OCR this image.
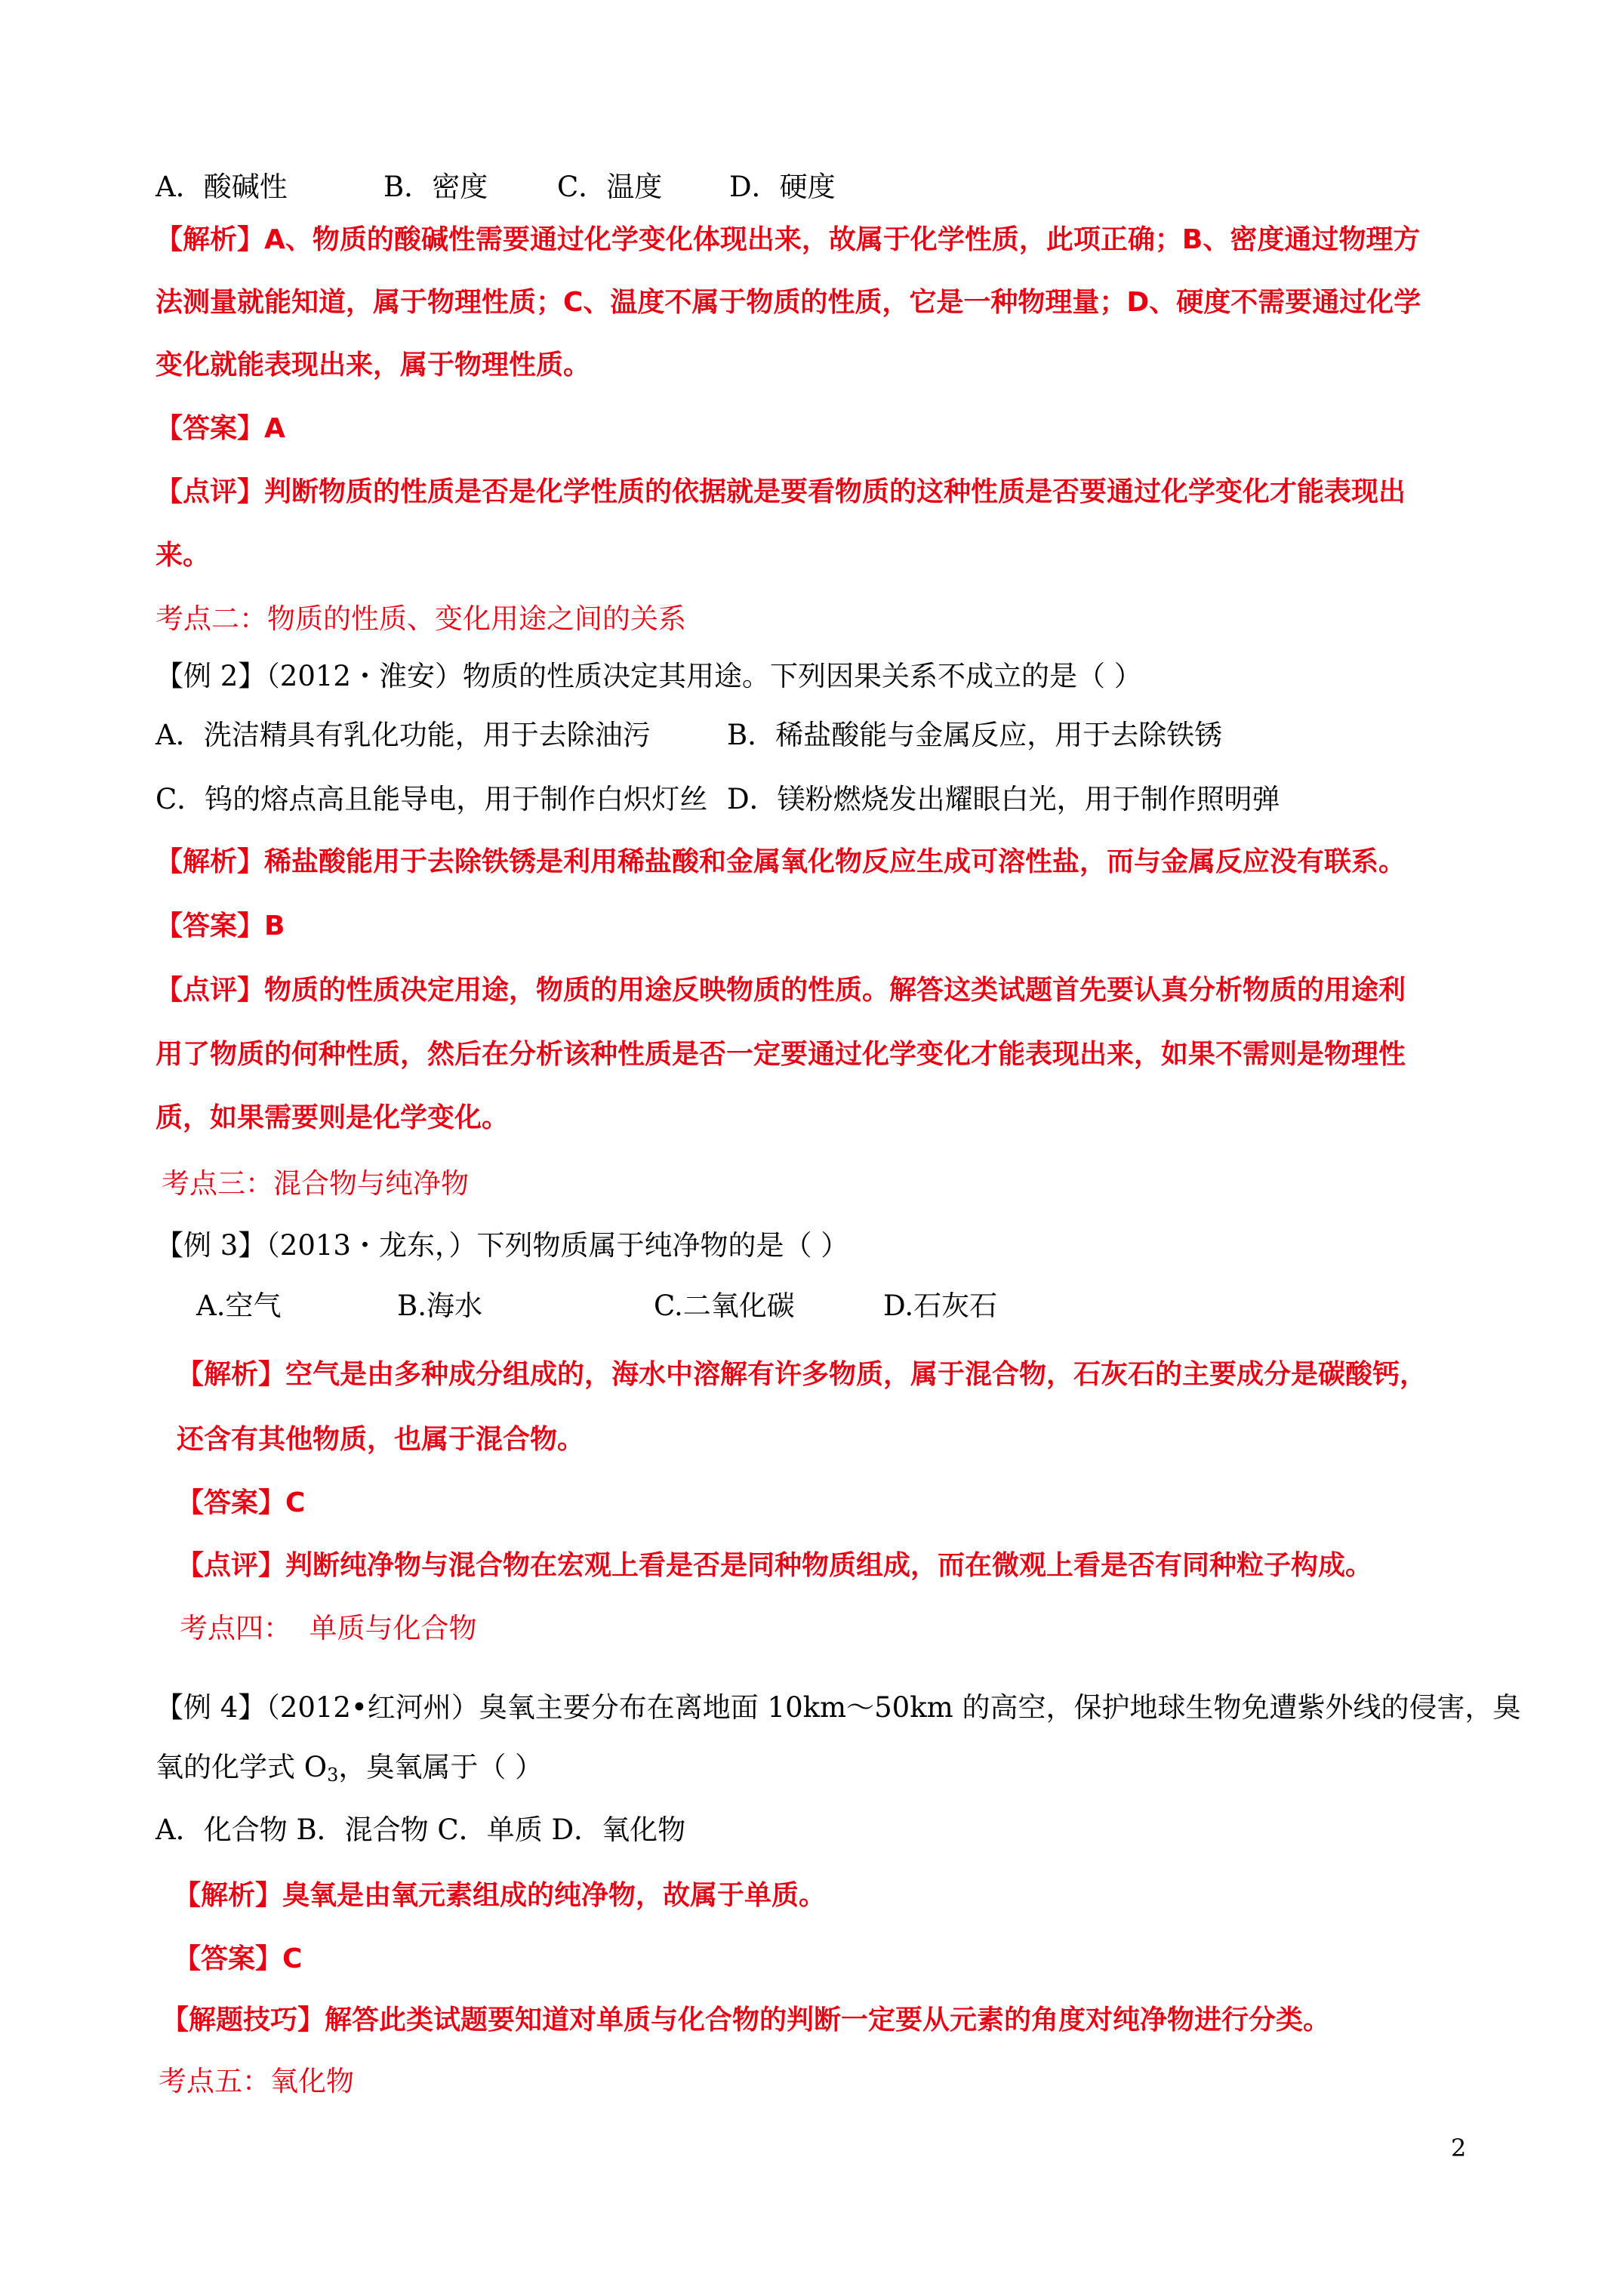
A．酸碱性	B．密度 C．温度 D．硬度
【解析】A、物质的酸碱性需要通过化学变化体现出来，故属于化学性质，此项正确；B、密度通过物理方
法测量就能知道，属于物理性质；C、温度不属于物质的性质，它是一种物理量；D、硬度不需要通过化学
变化就能表现出来，属于物理性质。
【答案】A
【点评】判断物质的性质是否是化学性质的依据就是要看物质的这种性质是否要通过化学变化才能表现出
来。
考点二：物质的性质、变化用途之间的关系
【例 2】（2012・淮安）物质的性质决定其用途。下列因果关系不成立的是（ ）
A．洗洁精具有乳化功能，用于去除油污	B．稀盐酸能与金属反应，用于去除铁锈
C．钨的熔点高且能导电，用于制作白炽灯丝 D．镁粉燃烧发出耀眼白光，用于制作照明弹
【解析】稀盐酸能用于去除铁锈是利用稀盐酸和金属氧化物反应生成可溶性盐，而与金属反应没有联系。
【答案】B
【点评】物质的性质决定用途，物质的用途反映物质的性质。解答这类试题首先要认真分析物质的用途利
用了物质的何种性质，然后在分析该种性质是否一定要通过化学变化才能表现出来，如果不需则是物理性
质，如果需要则是化学变化。
考点三：混合物与纯净物
【例 3】（2013・龙东，）下列物质属于纯净物的是（ ）
A.空气	B.海水	C.二氧化碳	D.石灰石
【解析】空气是由多种成分组成的，海水中溶解有许多物质，属于混合物，石灰石的主要成分是碳酸钙，
还含有其他物质，也属于混合物。
【答案】C
【点评】判断纯净物与混合物在宏观上看是否是同种物质组成，而在微观上看是否有同种粒子构成。
考点四：  单质与化合物
【例 4】（2012•红河州）臭氧主要分布在离地面 10km～50km 的高空，保护地球生物免遭紫外线的侵害，臭
氧的化学式 $O_3$，臭氧属于（ ）
A．化合物 B．混合物 C．单质 D．氧化物
【解析】臭氧是由氧元素组成的纯净物，故属于单质。
【答案】C
【解题技巧】解答此类试题要知道对单质与化合物的判断一定要从元素的角度对纯净物进行分类。
考点五：氧化物
2
